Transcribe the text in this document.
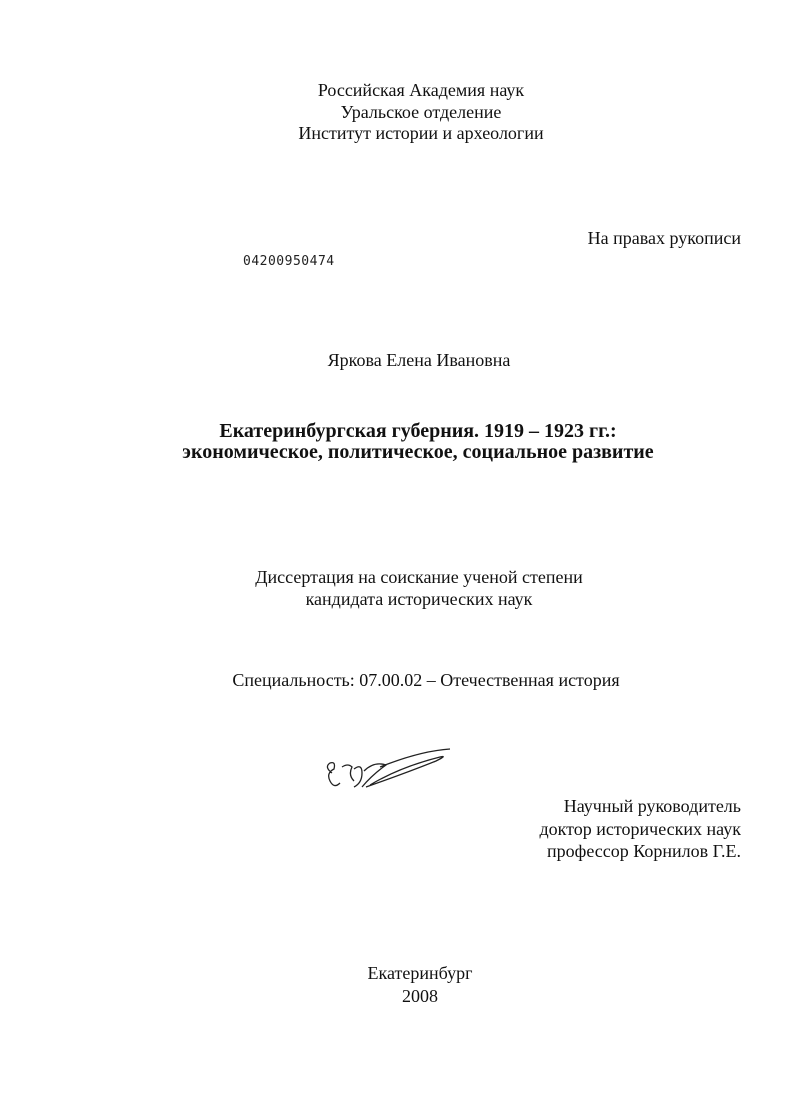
Российская Академия наук
Уральское отделение
Институт истории и археологии
На правах рукописи
04200950474
Яркова Елена Ивановна
Екатеринбургская губерния. 1919 – 1923 гг.:
экономическое, политическое, социальное развитие
Диссертация на соискание ученой степени
кандидата исторических наук
Специальность: 07.00.02 – Отечественная история
Научный руководитель
доктор исторических наук
профессор Корнилов Г.Е.
Екатеринбург
2008
